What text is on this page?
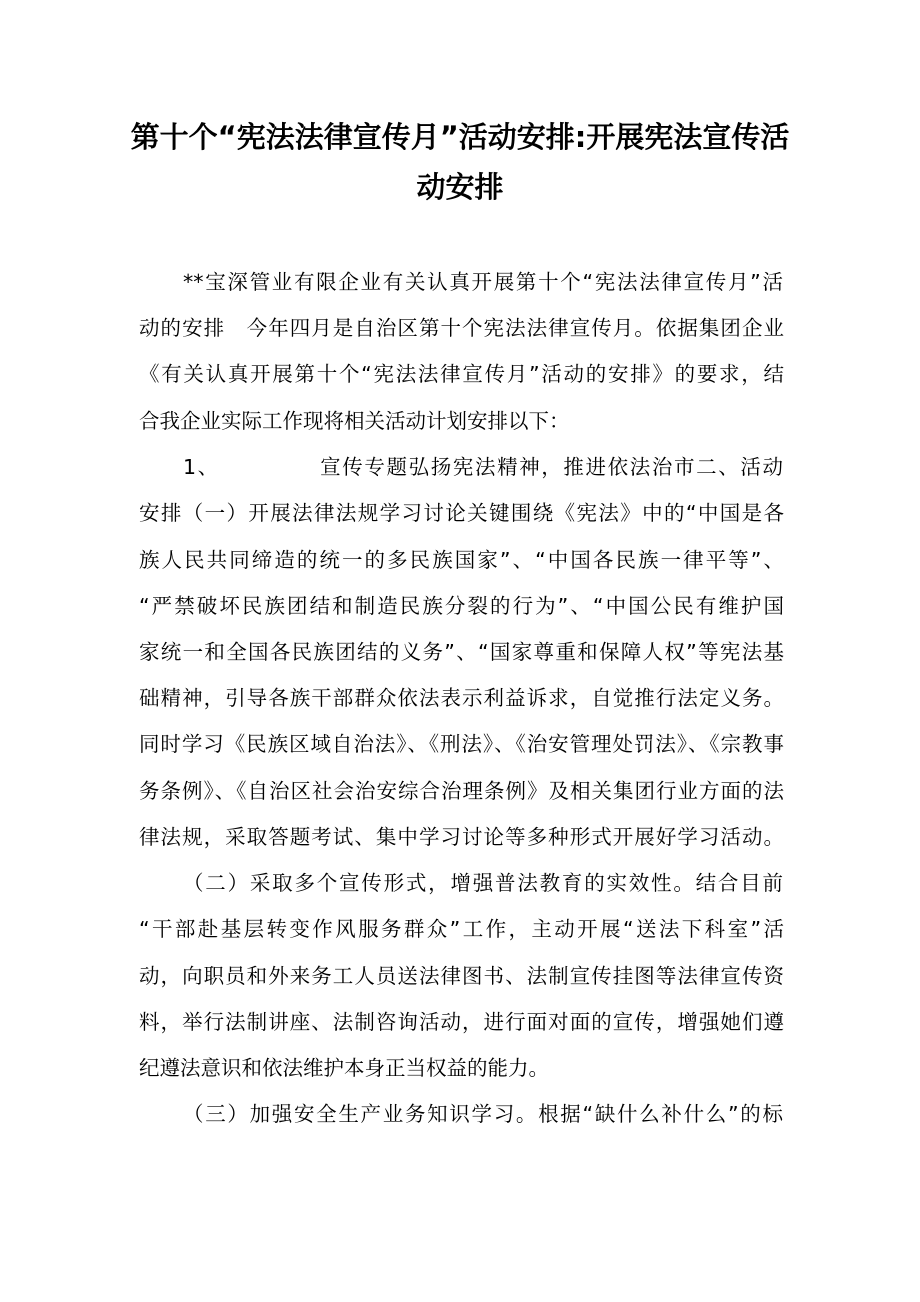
第十个“宪法法律宣传月”活动安排:开展宪法宣传活
动安排
**宝深管业有限企业有关认真开展第十个“宪法法律宣传月”活
动的安排　今年四月是自治区第十个宪法法律宣传月。依据集团企业
《有关认真开展第十个“宪法法律宣传月”活动的安排》的要求，结
合我企业实际工作现将相关活动计划安排以下：
1、　　　　　宣传专题弘扬宪法精神，推进依法治市二、活动
安排（一）开展法律法规学习讨论关键围绕《宪法》中的“中国是各
族人民共同缔造的统一的多民族国家”、“中国各民族一律平等”、
“严禁破坏民族团结和制造民族分裂的行为”、“中国公民有维护国
家统一和全国各民族团结的义务”、“国家尊重和保障人权”等宪法基
础精神，引导各族干部群众依法表示利益诉求，自觉推行法定义务。
同时学习《民族区域自治法》、《刑法》、《治安管理处罚法》、《宗教事
务条例》、《自治区社会治安综合治理条例》及相关集团行业方面的法
律法规，采取答题考试、集中学习讨论等多种形式开展好学习活动。
（二）采取多个宣传形式，增强普法教育的实效性。结合目前
“干部赴基层转变作风服务群众”工作，主动开展“送法下科室”活
动，向职员和外来务工人员送法律图书、法制宣传挂图等法律宣传资
料，举行法制讲座、法制咨询活动，进行面对面的宣传，增强她们遵
纪遵法意识和依法维护本身正当权益的能力。
（三）加强安全生产业务知识学习。根据“缺什么补什么”的标
